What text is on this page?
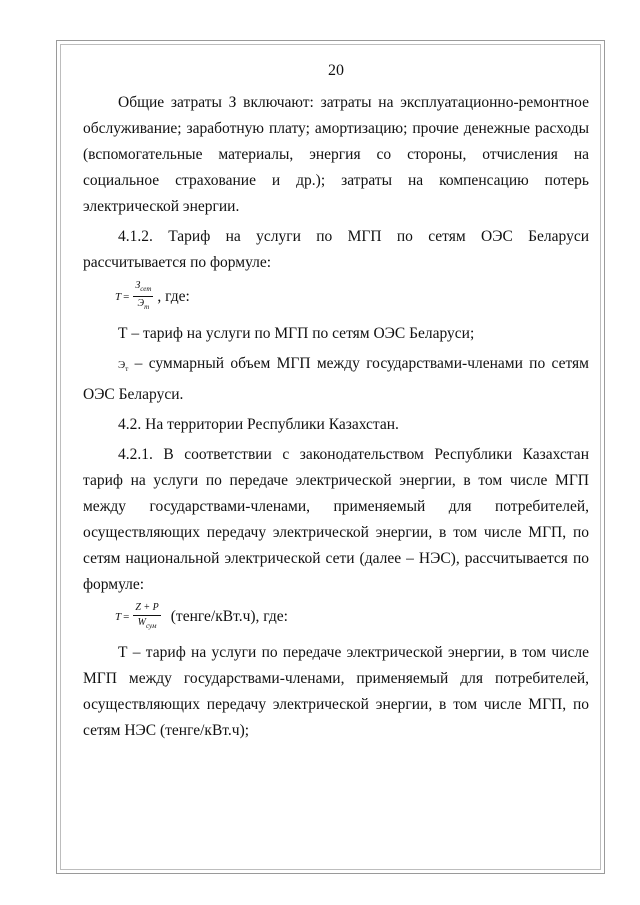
20

Общие затраты З включают: затраты на эксплуатационно-ремонтное обслуживание; заработную плату; амортизацию; прочие денежные расходы (вспомогательные материалы, энергия со стороны, отчисления на социальное страхование и др.); затраты на компенсацию потерь электрической энергии.

4.1.2. Тариф на услуги по МГП по сетям ОЭС Беларуси рассчитывается по формуле:

$T = \frac{З_{сет}}{Э_т}$ , где:

Т – тариф на услуги по МГП по сетям ОЭС Беларуси;

$Э_т$ – суммарный объем МГП между государствами-членами по сетям ОЭС Беларуси.

4.2. На территории Республики Казахстан.

4.2.1. В соответствии с законодательством Республики Казахстан тариф на услуги по передаче электрической энергии, в том числе МГП между государствами-членами, применяемый для потребителей, осуществляющих передачу электрической энергии, в том числе МГП, по сетям национальной электрической сети (далее – НЭС), рассчитывается по формуле:

$T = \frac{Z + P}{W_{сум}}$ (тенге/кВт.ч), где:

Т – тариф на услуги по передаче электрической энергии, в том числе МГП между государствами-членами, применяемый для потребителей, осуществляющих передачу электрической энергии, в том числе МГП, по сетям НЭС (тенге/кВт.ч);
